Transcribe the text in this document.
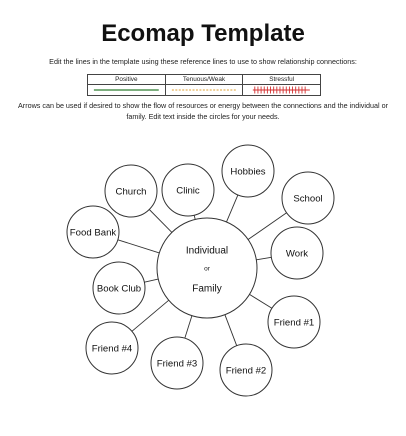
Ecomap Template
Edit the lines in the template using these reference lines to use to show relationship connections:
Positive	Tenuous/Weak	Stressful

Arrows can be used if desired to show the flow of resources or energy between the connections and the individual or family. Edit text inside the circles for your needs.
Individual
or
Family
Church	Clinic
Hobbies
School
Food Bank
Work
Book Club
Friend #1
Friend #4
Friend #3
Friend #2
